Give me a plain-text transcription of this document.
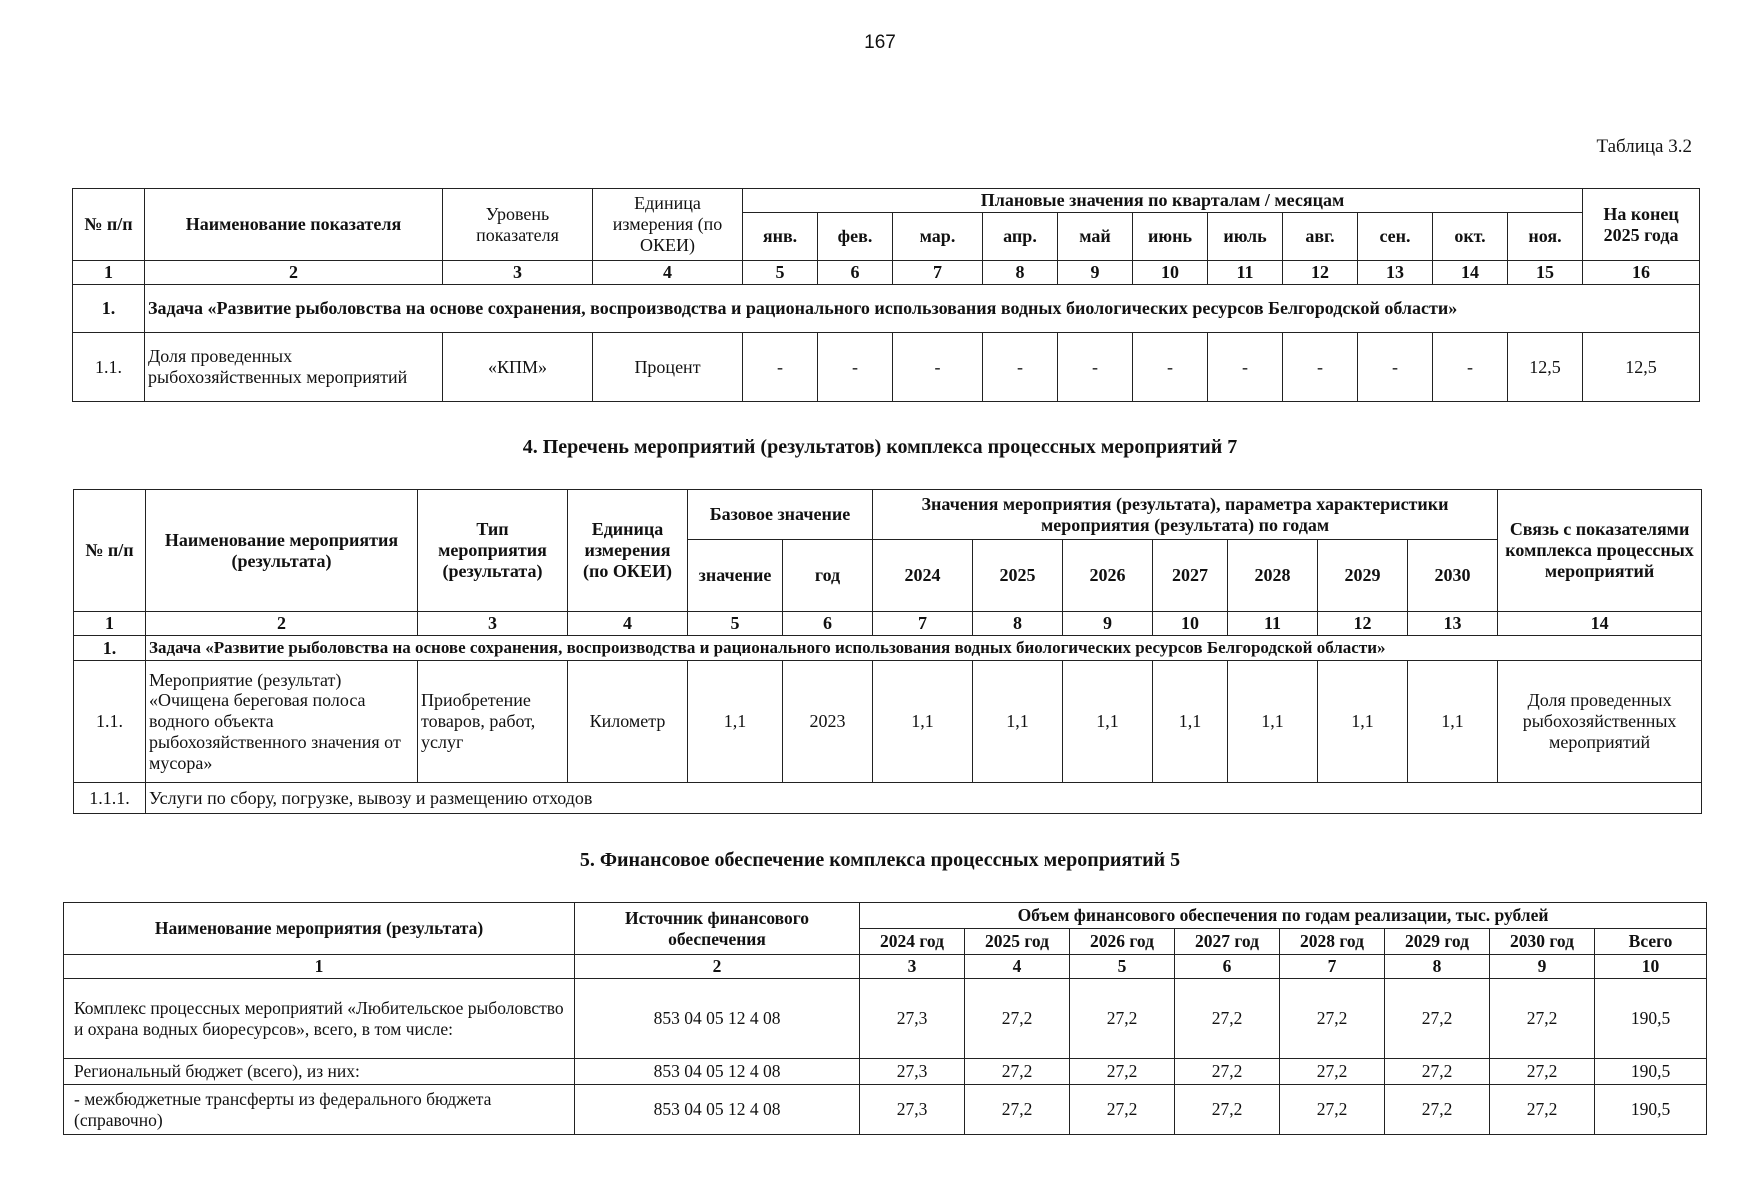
167
Таблица 3.2
№ п/п	Наименование показателя	Уровень показателя	Единица измерения (по ОКЕИ)	Плановые значения по кварталам / месяцам											На конец 2025 года
				янв.	фев.	мар.	апр.	май	июнь	июль	авг.	сен.	окт.	ноя.	
1	2	3	4	5	6	7	8	9	10	11	12	13	14	15	16
1.	Задача «Развитие рыболовства на основе сохранения, воспроизводства и рационального использования водных биологических ресурсов Белгородской области»														
1.1.	Доля проведенных рыбохозяйственных мероприятий	«КПМ»	Процент	-	-	-	-	-	-	-	-	-	-	12,5	12,5
4. Перечень мероприятий (результатов) комплекса процессных мероприятий 7
№ п/п	Наименование мероприятия (результата)	Тип мероприятия (результата)	Единица измерения (по ОКЕИ)	Базовое значение		Значения мероприятия (результата), параметра характеристики мероприятия (результата) по годам							Связь с показателями комплекса процессных мероприятий
				значение	год	2024	2025	2026	2027	2028	2029	2030	
1	2	3	4	5	6	7	8	9	10	11	12	13	14
1.	Задача «Развитие рыболовства на основе сохранения, воспроизводства и рационального использования водных биологических ресурсов Белгородской области»												
1.1.	Мероприятие (результат) «Очищена береговая полоса водного объекта рыбохозяйственного значения от мусора»	Приобретение товаров, работ, услуг	Километр	1,1	2023	1,1	1,1	1,1	1,1	1,1	1,1	1,1	Доля проведенных рыбохозяйственных мероприятий
1.1.1.	Услуги по сбору, погрузке, вывозу и размещению отходов												
5. Финансовое обеспечение комплекса процессных мероприятий 5
Наименование мероприятия (результата)	Источник финансового обеспечения	Объем финансового обеспечения по годам реализации, тыс. рублей							
		2024 год	2025 год	2026 год	2027 год	2028 год	2029 год	2030 год	Всего
1	2	3	4	5	6	7	8	9	10
Комплекс процессных мероприятий «Любительское рыболовство и охрана водных биоресурсов», всего, в том числе:	853 04 05 12 4 08	27,3	27,2	27,2	27,2	27,2	27,2	27,2	190,5
Региональный бюджет (всего), из них:	853 04 05 12 4 08	27,3	27,2	27,2	27,2	27,2	27,2	27,2	190,5
- межбюджетные трансферты из федерального бюджета (справочно)	853 04 05 12 4 08	27,3	27,2	27,2	27,2	27,2	27,2	27,2	190,5
